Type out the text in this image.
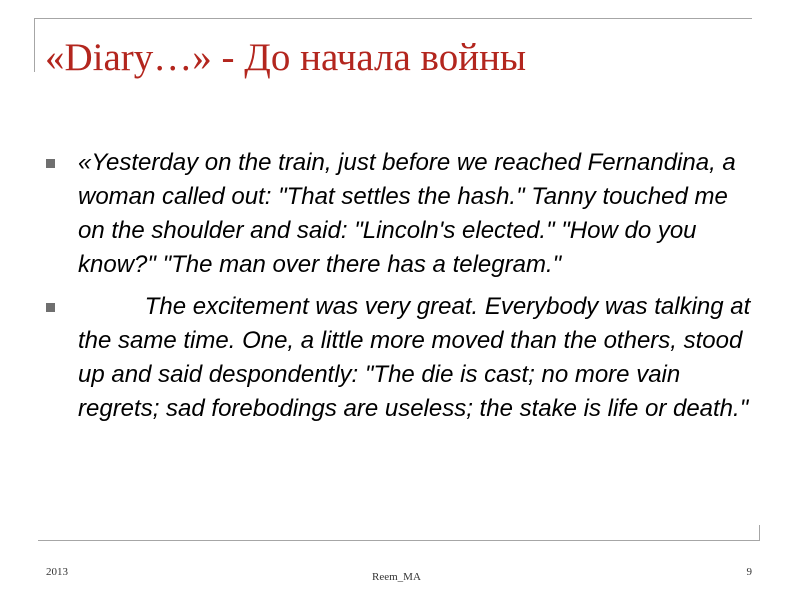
«Diary…» - До начала войны
«Yesterday on the train, just before we reached Fernandina, a woman called out: "That settles the hash." Tanny touched me on the shoulder and said: "Lincoln's elected." "How do you know?" "The man over there has a telegram."
The excitement was very great. Everybody was talking at the same time. One, a little more moved than the others, stood up and said despondently: "The die is cast; no more vain regrets; sad forebodings are useless; the stake is life or death."
2013	Reem_MA	9
